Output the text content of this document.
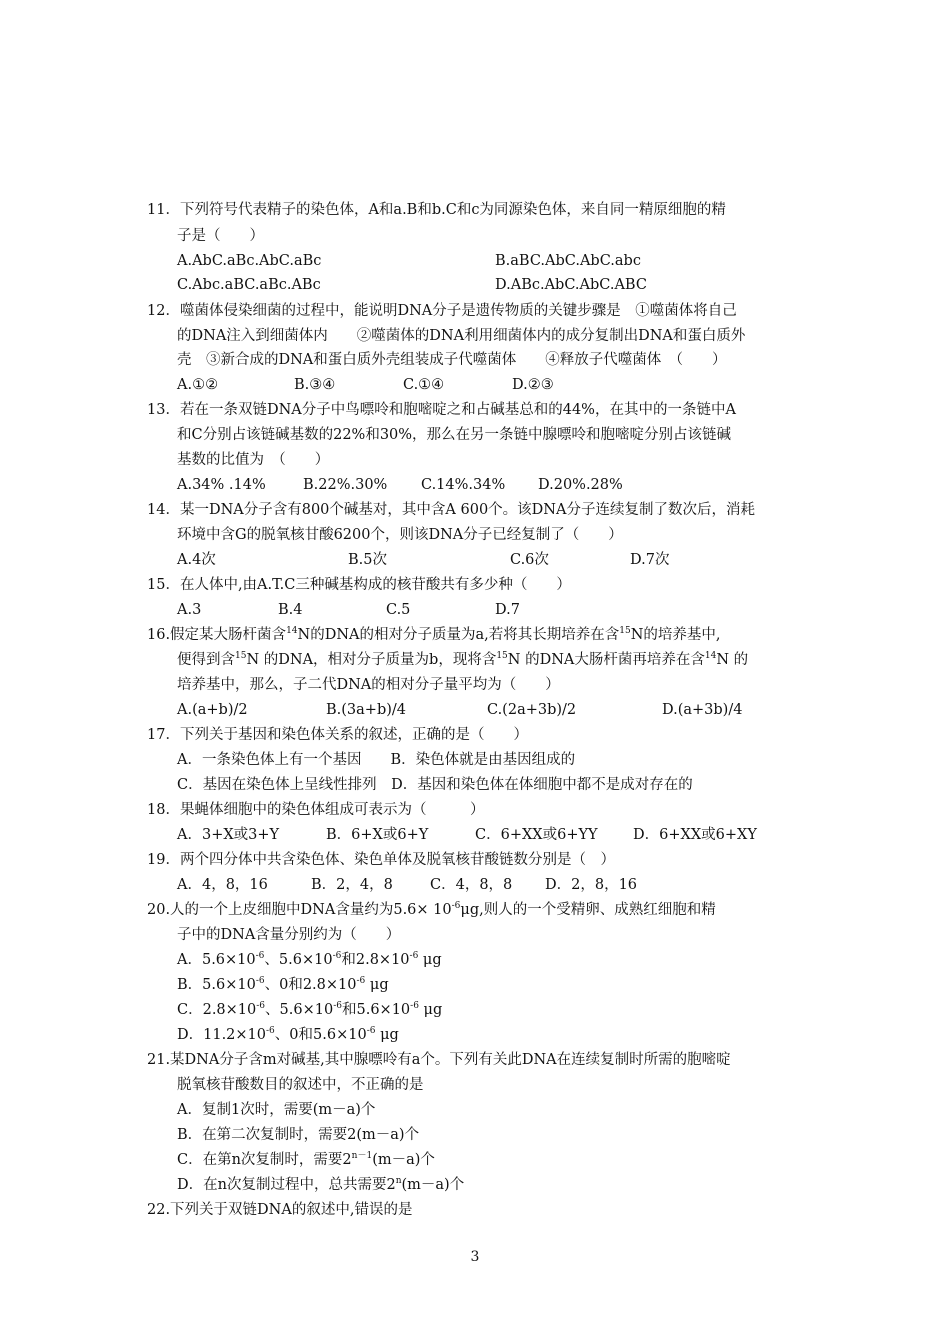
11．下列符号代表精子的染色体，A和a.B和b.C和c为同源染色体，来自同一精原细胞的精
子是（　　）
A.AbC.aBc.AbC.aBc	B.aBC.AbC.AbC.abc
C.Abc.aBC.aBc.ABc	D.ABc.AbC.AbC.ABC
12．噬菌体侵染细菌的过程中，能说明DNA分子是遗传物质的关键步骤是　①噬菌体将自己
的DNA注入到细菌体内　　②噬菌体的DNA利用细菌体内的成分复制出DNA和蛋白质外
壳　③新合成的DNA和蛋白质外壳组装成子代噬菌体　　④释放子代噬菌体　（　　）
A.①②	B.③④	C.①④	D.②③
13．若在一条双链DNA分子中鸟嘌呤和胞嘧啶之和占碱基总和的44%，在其中的一条链中A
和C分别占该链碱基数的22%和30%，那么在另一条链中腺嘌呤和胞嘧啶分别占该链碱
基数的比值为　（　　）
A.34% .14%	B.22%.30% C.14%.34% D.20%.28%
14．某一DNA分子含有800个碱基对，其中含A 600个。该DNA分子连续复制了数次后，消耗
环境中含G的脱氧核甘酸6200个，则该DNA分子已经复制了（　　）
A.4次	B.5次	C.6次	D.7次
15．在人体中,由A.T.C三种碱基构成的核苷酸共有多少种（　　）
A.3	B.4	C.5	D.7
16.假定某大肠杆菌含$^{14}$N的DNA的相对分子质量为a,若将其长期培养在含$^{15}$N的培养基中,
便得到含$^{15}$N 的DNA，相对分子质量为b，现将含$^{15}$N 的DNA大肠杆菌再培养在含$^{14}$N 的
培养基中，那么，子二代DNA的相对分子量平均为（　　）
A.(a+b)/2	B.(3a+b)/4	C.(2a+3b)/2	D.(a+3b)/4
17．下列关于基因和染色体关系的叙述，正确的是（　　）
A．一条染色体上有一个基因　　B．染色体就是由基因组成的
C．基因在染色体上呈线性排列　D．基因和染色体在体细胞中都不是成对存在的
18．果蝇体细胞中的染色体组成可表示为（　　　）
A．3+X或3+Y	B．6+X或6+Y	C．6+XX或6+YY D．6+XX或6+XY
19．两个四分体中共含染色体、染色单体及脱氧核苷酸链数分别是（　）
A．4，8，16	B．2，4，8	C．4，8，8 D．2，8，16
20.人的一个上皮细胞中DNA含量约为$5.6\times 10^{-6}\mu g$,则人的一个受精卵、成熟红细胞和精
子中的DNA含量分别约为（　　）
A．$5.6\times 10^{-6}$、$5.6\times 10^{-6}$和$2.8\times 10^{-6}$ μg
B．$5.6\times 10^{-6}$、0和$2.8\times 10^{-6}$ μg
C．$2.8\times 10^{-6}$、$5.6\times 10^{-6}$和$5.6\times 10^{-6}$ μg
D．$11.2\times 10^{-6}$、0和$5.6\times 10^{-6}$ μg
21.某DNA分子含m对碱基,其中腺嘌呤有a个。下列有关此DNA在连续复制时所需的胞嘧啶
脱氧核苷酸数目的叙述中，不正确的是
A．复制1次时，需要(m－a)个
B．在第二次复制时，需要2(m－a)个
C．在第n次复制时，需要$2^{n-1}(m-a)$个
D．在n次复制过程中，总共需要$2^n(m-a)$个
22.下列关于双链DNA的叙述中,错误的是
3
